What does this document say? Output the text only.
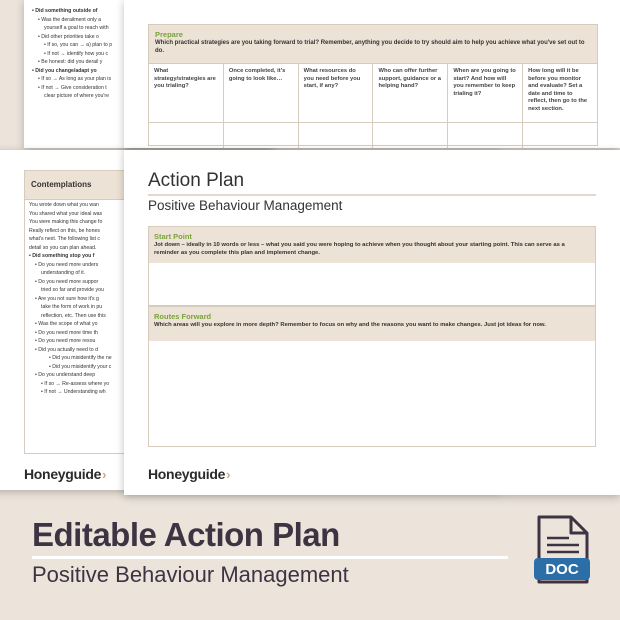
• Did something outside of
• Was the derailment only a
yourself a goal to reach with
• Did other priorities take o
• If so, you can → a) plan to p
• If not → identify how you c
• Be honest: did you derail y
• Did you change/adapt yo
• If so → As long as your plan is
• If not → Give consideration t
clear picture of where you're
Contemplations
You wrote down what you wan
You shared what your ideal was
You were making this change fo
Really reflect on this, be hones
what's next. The following list c
detail so you can plan ahead.
• Did something stop you f
• Do you need more unders
understanding of it.
• Do you need more suppor
tried so far and provide you
• Are you not sure how it's g
take the form of work in pu
reflection, etc. Then use this
• Was the scope of what yo
• Do you need more time th
• Do you need more resou
• Did you actually need to d
• Did you misidentify the ne
• Did you misidentify your c
• Do you understand deep
• If so → Re-assess where yo
• If not → Understanding wh
Honeyguide›
Prepare
Which practical strategies are you taking forward to trial? Remember, anything you decide to try should aim to help you achieve what you've set out to do.
What strategy/strategies are you trialing?
Once completed, it's going to look like…
What resources do you need before you start, if any?
Who can offer further support, guidance or a helping hand?
When are you going to start? And how will you remember to keep trialing it?
How long will it be before you monitor and evaluate? Set a date and time to reflect, then go to the next section.
Action Plan
Positive Behaviour Management
Start Point
Jot down – ideally in 10 words or less – what you said you were hoping to achieve when you thought about your starting point. This can serve as a reminder as you complete this plan and implement change.
Routes Forward
Which areas will you explore in more depth? Remember to focus on why and the reasons you want to make changes. Just jot ideas for now.
Honeyguide›
Editable Action Plan
Positive Behaviour Management	DOC
